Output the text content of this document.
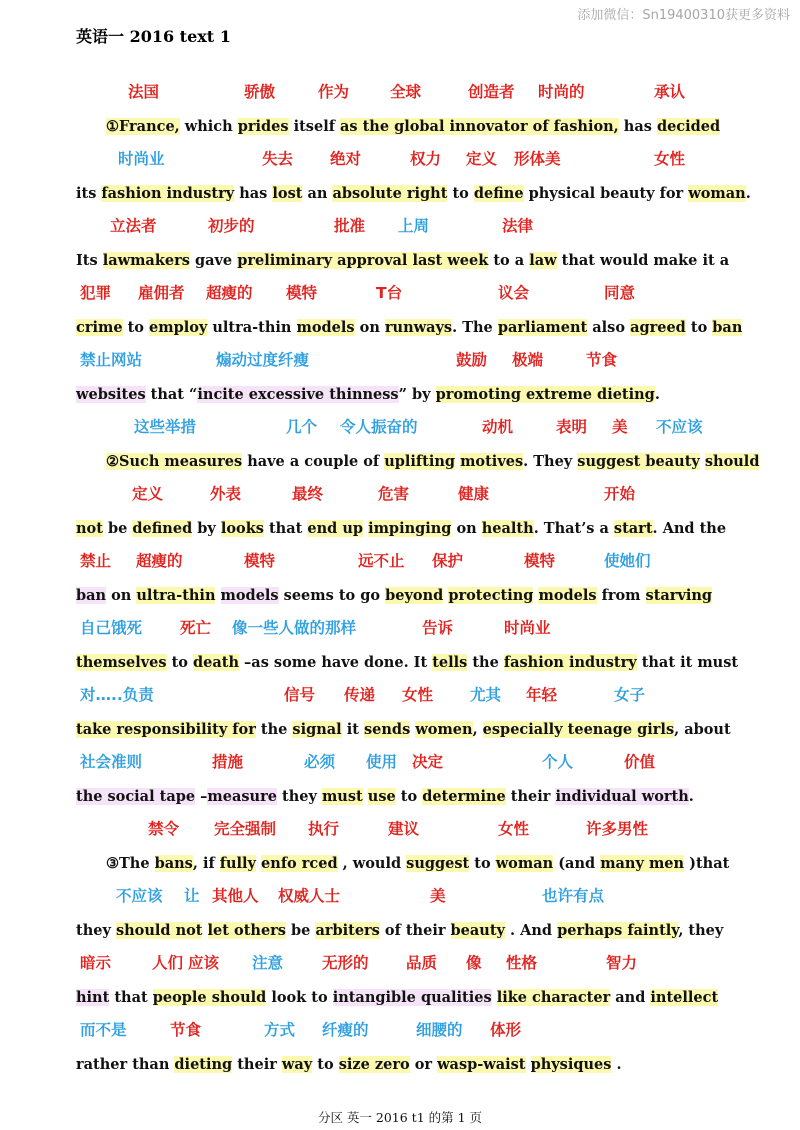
添加微信：Sn19400310获更多资料
英语一 2016 text 1
①France, which prides itself as the global innovator of fashion, has decided
its fashion industry has lost an absolute right to define physical beauty for woman.
Its lawmakers gave preliminary approval last week to a law that would make it a
crime to employ ultra-thin models on runways. The parliament also agreed to ban
websites that “incite excessive thinness” by promoting extreme dieting.
②Such measures have a couple of uplifting motives. They suggest beauty should
not be defined by looks that end up impinging on health. That’s a start. And the
ban on ultra-thin models seems to go beyond protecting models from starving
themselves to death –as some have done. It tells the fashion industry that it must
take responsibility for the signal it sends women, especially teenage girls, about
the social tape –measure they must use to determine their individual worth.
③The bans, if fully enfo rced , would suggest to woman (and many men )that
they should not let others be arbiters of their beauty . And perhaps faintly, they
hint that people should look to intangible qualities like character and intellect
rather than dieting their way to size zero or wasp-waist physiques .
法国	骄傲	作为	全球	创造者 时尚的	承认
时尚业	失去 绝对	权力 定义 形体美	女性
立法者	初步的	批准 上周	法律
犯罪 雇佣者 超瘦的 模特	T台	议会	同意
禁止网站	煽动过度纤瘦	鼓励 极端	节食
这些举措	几个 令人振奋的	动机	表明 美 不应该
定义	外表	最终	危害	健康	开始
禁止 超瘦的	模特	远不止 保护	模特	使她们
自己饿死 死亡 像一些人做的那样	告诉	时尚业
对…..负责	信号 传递 女性 尤其 年轻	女子
社会准则	措施	必须 使用 决定	个人	价值
禁令 完全强制 执行	建议	女性	许多男性
不应该 让 其他人 权威人士	美	也许有点
暗示	人们 应该 注意	无形的 品质 像 性格	智力
而不是	节食	方式 纤瘦的	细腰的 体形
分区 英一 2016 t1 的第 1 页
